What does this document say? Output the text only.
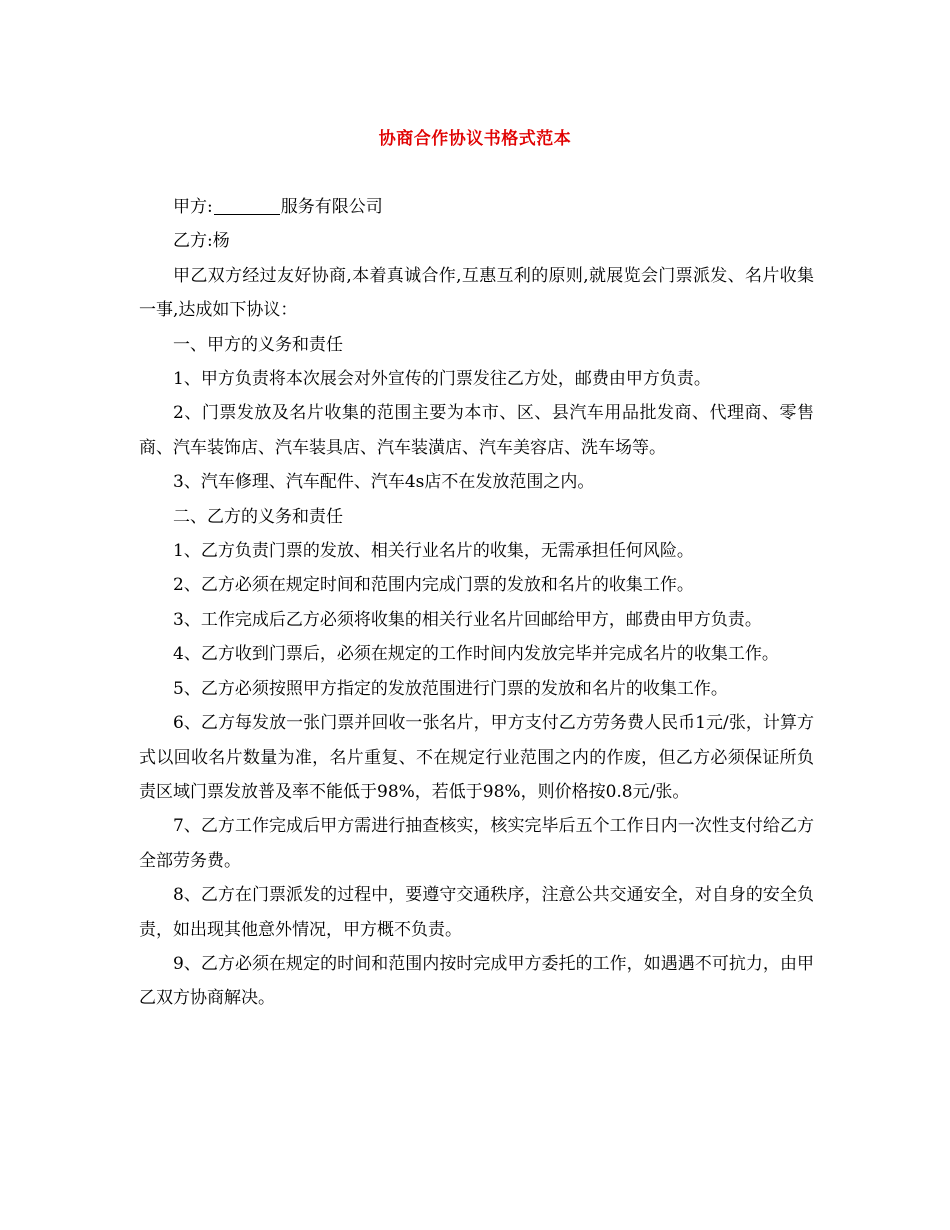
协商合作协议书格式范本

甲方:	服务有限公司

乙方:杨

甲乙双方经过友好协商,本着真诚合作,互惠互利的原则,就展览会门票派发、名片收集一事,达成如下协议：

一、甲方的义务和责任

1、甲方负责将本次展会对外宣传的门票发往乙方处，邮费由甲方负责。

2、门票发放及名片收集的范围主要为本市、区、县汽车用品批发商、代理商、零售商、汽车装饰店、汽车装具店、汽车装潢店、汽车美容店、洗车场等。

3、汽车修理、汽车配件、汽车4s店不在发放范围之内。

二、乙方的义务和责任

1、乙方负责门票的发放、相关行业名片的收集，无需承担任何风险。

2、乙方必须在规定时间和范围内完成门票的发放和名片的收集工作。

3、工作完成后乙方必须将收集的相关行业名片回邮给甲方，邮费由甲方负责。

4、乙方收到门票后，必须在规定的工作时间内发放完毕并完成名片的收集工作。

5、乙方必须按照甲方指定的发放范围进行门票的发放和名片的收集工作。

6、乙方每发放一张门票并回收一张名片，甲方支付乙方劳务费人民币1元/张，计算方式以回收名片数量为准，名片重复、不在规定行业范围之内的作废，但乙方必须保证所负责区域门票发放普及率不能低于98%，若低于98%，则价格按0.8元/张。

7、乙方工作完成后甲方需进行抽查核实，核实完毕后五个工作日内一次性支付给乙方全部劳务费。

8、乙方在门票派发的过程中，要遵守交通秩序，注意公共交通安全，对自身的安全负责，如出现其他意外情况，甲方概不负责。

9、乙方必须在规定的时间和范围内按时完成甲方委托的工作，如遇遇不可抗力，由甲乙双方协商解决。
